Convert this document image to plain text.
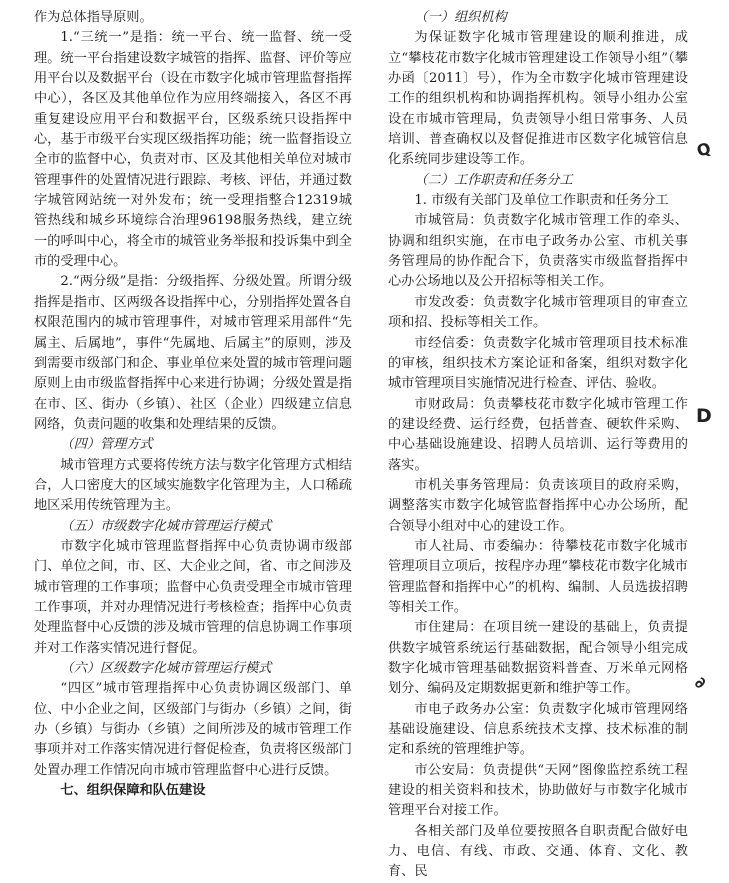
作为总体指导原则。

1.“三统一”是指：统一平台、统一监督、统一受理。统一平台指建设数字城管的指挥、监督、评价等应用平台以及数据平台（设在市数字化城市管理监督指挥中心），各区及其他单位作为应用终端接入，各区不再重复建设应用平台和数据平台，区级系统只设指挥中心，基于市级平台实现区级指挥功能；统一监督指设立全市的监督中心，负责对市、区及其他相关单位对城市管理事件的处置情况进行跟踪、考核、评估，并通过数字城管网站统一对外发布；统一受理指整合12319城管热线和城乡环境综合治理96198服务热线，建立统一的呼叫中心，将全市的城管业务举报和投诉集中到全市的受理中心。

2.“两分级”是指：分级指挥、分级处置。所谓分级指挥是指市、区两级各设指挥中心，分别指挥处置各自权限范围内的城市管理事件，对城市管理采用部件“先属主、后属地”，事件“先属地、后属主”的原则，涉及到需要市级部门和企、事业单位来处置的城市管理问题原则上由市级监督指挥中心来进行协调；分级处置是指在市、区、街办（乡镇）、社区（企业）四级建立信息网络，负责问题的收集和处理结果的反馈。

（四）管理方式

城市管理方式要将传统方法与数字化管理方式相结合，人口密度大的区域实施数字化管理为主，人口稀疏地区采用传统管理为主。

（五）市级数字化城市管理运行模式

市数字化城市管理监督指挥中心负责协调市级部门、单位之间，市、区、大企业之间，省、市之间涉及城市管理的工作事项；监督中心负责受理全市城市管理工作事项，并对办理情况进行考核检查；指挥中心负责处理监督中心反馈的涉及城市管理的信息协调工作事项并对工作落实情况进行督促。

（六）区级数字化城市管理运行模式

“四区”城市管理指挥中心负责协调区级部门、单位、中小企业之间，区级部门与街办（乡镇）之间，街办（乡镇）与街办（乡镇）之间所涉及的城市管理工作事项并对工作落实情况进行督促检查，负责将区级部门处置办理工作情况向市城市管理监督中心进行反馈。

七、组织保障和队伍建设

（一）组织机构

为保证数字化城市管理建设的顺利推进，成立“攀枝花市数字化城市管理建设工作领导小组”（攀办函〔2011〕号），作为全市数字化城市管理建设工作的组织机构和协调指挥机构。领导小组办公室设在市城市管理局，负责领导小组日常事务、人员培训、普查确权以及督促推进市区数字化城管信息化系统同步建设等工作。

（二）工作职责和任务分工

1. 市级有关部门及单位工作职责和任务分工

市城管局：负责数字化城市管理工作的牵头、协调和组织实施，在市电子政务办公室、市机关事务管理局的协作配合下，负责落实市级监督指挥中心办公场地以及公开招标等相关工作。

市发改委：负责数字化城市管理项目的审查立项和招、投标等相关工作。

市经信委：负责数字化城市管理项目技术标准的审核，组织技术方案论证和备案，组织对数字化城市管理项目实施情况进行检查、评估、验收。

市财政局：负责攀枝花市数字化城市管理工作的建设经费、运行经费，包括普查、硬软件采购、中心基础设施建设、招聘人员培训、运行等费用的落实。

市机关事务管理局：负责该项目的政府采购，调整落实市数字化城管监督指挥中心办公场所，配合领导小组对中心的建设工作。

市人社局、市委编办：待攀枝花市数字化城市管理项目立项后，按程序办理“攀枝花市数字化城市管理监督和指挥中心”的机构、编制、人员选拔招聘等相关工作。

市住建局：在项目统一建设的基础上，负责提供数字城管系统运行基础数据，配合领导小组完成数字化城市管理基础数据资料普查、万米单元网格划分、编码及定期数据更新和维护等工作。

市电子政务办公室：负责数字化城市管理网络基础设施建设、信息系统技术支撑、技术标准的制定和系统的管理维护等。

市公安局：负责提供“天网”图像监控系统工程建设的相关资料和技术，协助做好与市数字化城市管理平台对接工作。

各相关部门及单位要按照各自职责配合做好电力、电信、有线、市政、交通、体育、文化、教育、民

Q
D
∂
